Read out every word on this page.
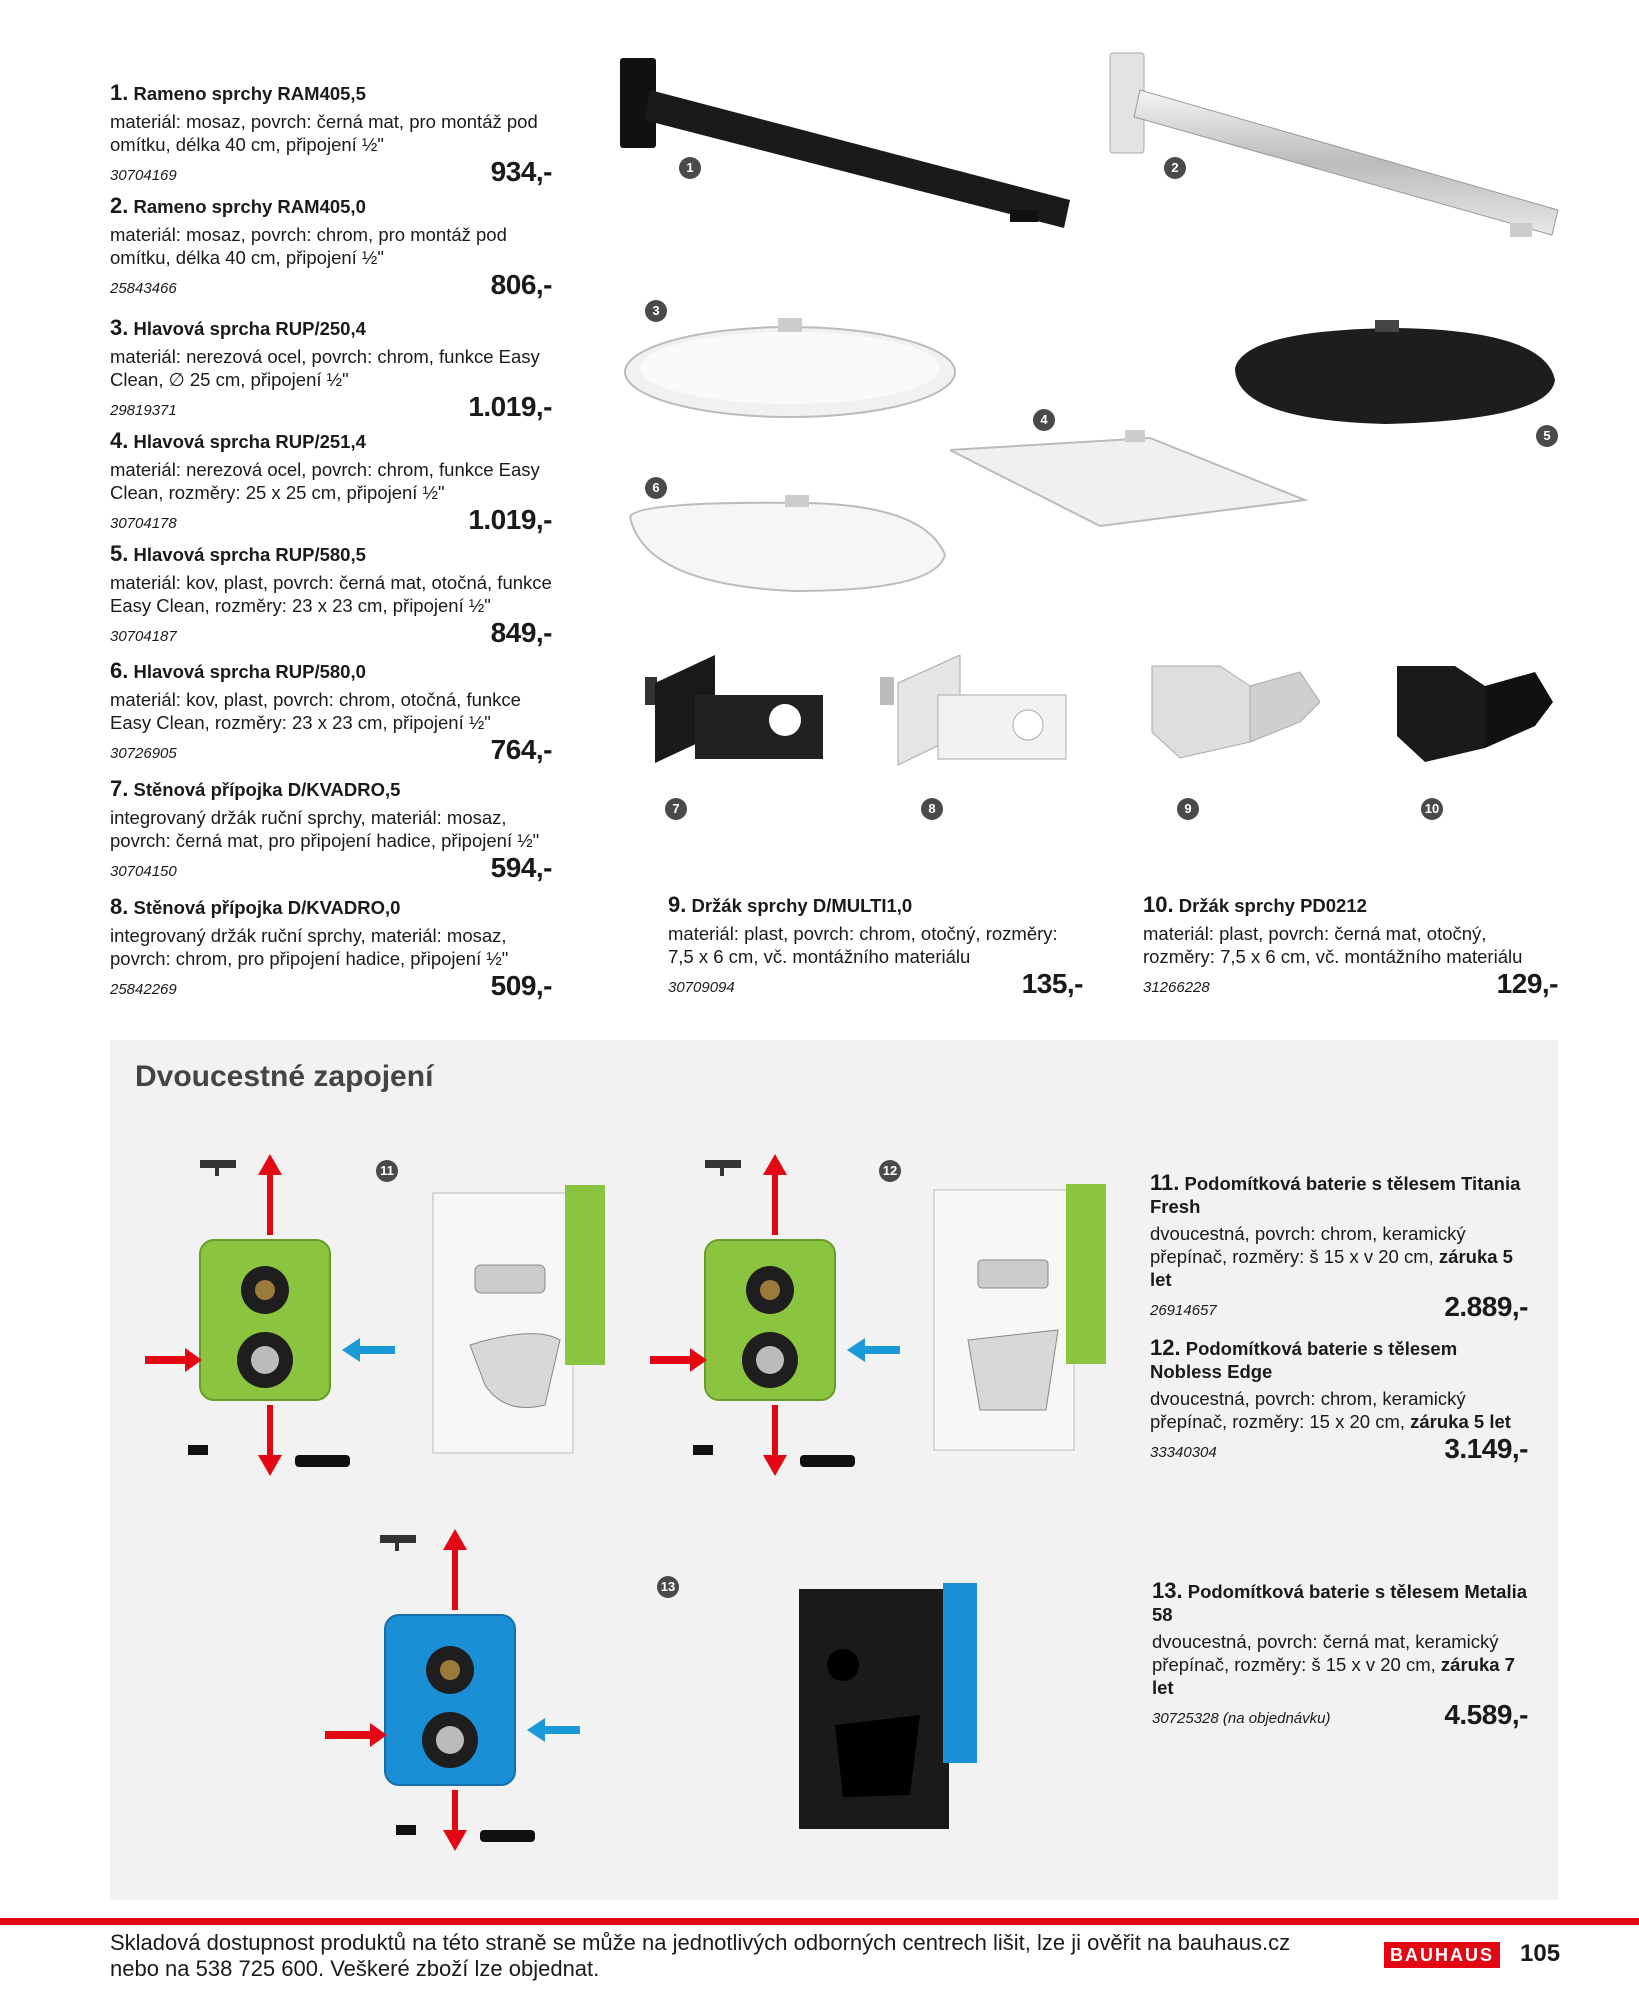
1. Rameno sprchy RAM405,5
materiál: mosaz, povrch: černá mat, pro montáž pod omítku, délka 40 cm, připojení ½"
30704169	934,-
2. Rameno sprchy RAM405,0
materiál: mosaz, povrch: chrom, pro montáž pod omítku, délka 40 cm, připojení ½"
25843466	806,-
3. Hlavová sprcha RUP/250,4
materiál: nerezová ocel, povrch: chrom, funkce Easy Clean, ∅ 25 cm, připojení ½"
29819371	1.019,-
4. Hlavová sprcha RUP/251,4
materiál: nerezová ocel, povrch: chrom, funkce Easy Clean, rozměry: 25 x 25 cm, připojení ½"
30704178	1.019,-
5. Hlavová sprcha RUP/580,5
materiál: kov, plast, povrch: černá mat, otočná, funkce Easy Clean, rozměry: 23 x 23 cm, připojení ½"
30704187	849,-
6. Hlavová sprcha RUP/580,0
materiál: kov, plast, povrch: chrom, otočná, funkce Easy Clean, rozměry: 23 x 23 cm, připojení ½"
30726905	764,-
7. Stěnová přípojka D/KVADRO,5
integrovaný držák ruční sprchy, materiál: mosaz, povrch: černá mat, pro připojení hadice, připojení ½"
30704150	594,-
8. Stěnová přípojka D/KVADRO,0
integrovaný držák ruční sprchy, materiál: mosaz, povrch: chrom, pro připojení hadice, připojení ½"
25842269	509,-
1	2
3
4
5
6
7	8	9	10
9. Držák sprchy D/MULTI1,0
materiál: plast, povrch: chrom, otočný, rozměry: 7,5 x 6 cm, vč. montážního materiálu
30709094	135,-
10. Držák sprchy PD0212
materiál: plast, povrch: černá mat, otočný, rozměry: 7,5 x 6 cm, vč. montážního materiálu
31266228	129,-
Dvoucestné zapojení
11	12	11. Podomítková baterie s tělesem Titania Fresh
dvoucestná, povrch: chrom, keramický přepínač, rozměry: š 15 x v 20 cm, záruka 5 let
26914657	2.889,-
12. Podomítková baterie s tělesem Nobless Edge
dvoucestná, povrch: chrom, keramický přepínač, rozměry: 15 x 20 cm, záruka 5 let
33340304	3.149,-
13	13. Podomítková baterie s tělesem Metalia 58
dvoucestná, povrch: černá mat, keramický přepínač, rozměry: š 15 x v 20 cm, záruka 7 let
30725328 (na objednávku)	4.589,-
Skladová dostupnost produktů na této straně se může na jednotlivých odborných centrech lišit, lze ji ověřit na bauhaus.cz nebo na 538 725 600. Veškeré zboží lze objednat.
BAUHAUS 105
